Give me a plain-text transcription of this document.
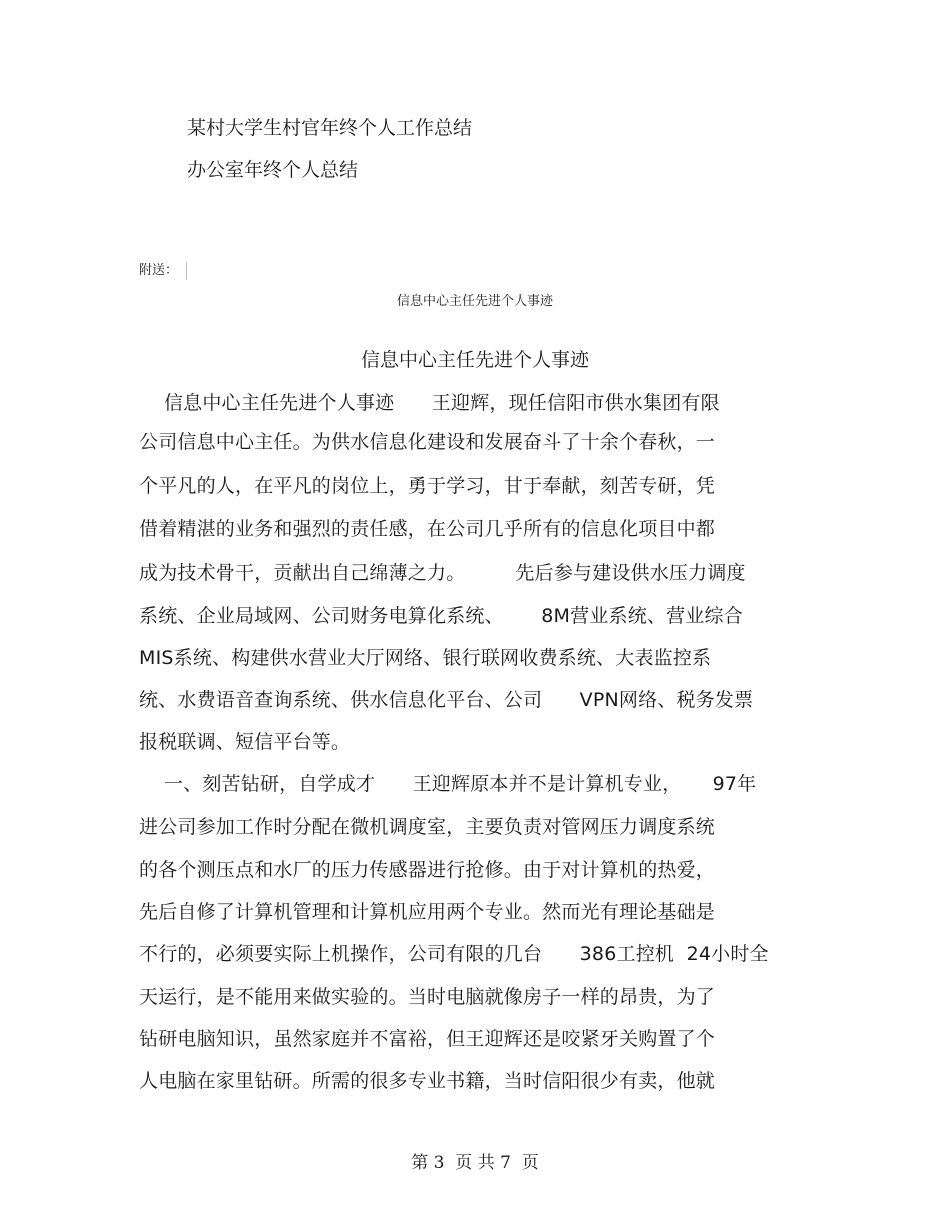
某村大学生村官年终个人工作总结
办公室年终个人总结
附送：
信息中心主任先进个人事迹
信息中心主任先进个人事迹
信息中心主任先进个人事迹      王迎辉，现任信阳市供水集团有限
公司信息中心主任。为供水信息化建设和发展奋斗了十余个春秋，一
个平凡的人，在平凡的岗位上，勇于学习，甘于奉献，刻苦专研，凭
借着精湛的业务和强烈的责任感，在公司几乎所有的信息化项目中都
成为技术骨干，贡献出自己绵薄之力。        先后参与建设供水压力调度
系统、企业局域网、公司财务电算化系统、      8M营业系统、营业综合
MIS系统、构建供水营业大厅网络、银行联网收费系统、大表监控系
统、水费语音查询系统、供水信息化平台、公司      VPN网络、税务发票
报税联调、短信平台等。
一、刻苦钻研，自学成才      王迎辉原本并不是计算机专业，     97年
进公司参加工作时分配在微机调度室，主要负责对管网压力调度系统
的各个测压点和水厂的压力传感器进行抢修。由于对计算机的热爱，
先后自修了计算机管理和计算机应用两个专业。然而光有理论基础是
不行的，必须要实际上机操作，公司有限的几台      386工控机  24小时全
天运行，是不能用来做实验的。当时电脑就像房子一样的昂贵，为了
钻研电脑知识，虽然家庭并不富裕，但王迎辉还是咬紧牙关购置了个
人电脑在家里钻研。所需的很多专业书籍，当时信阳很少有卖，他就
第 3  页 共 7  页
